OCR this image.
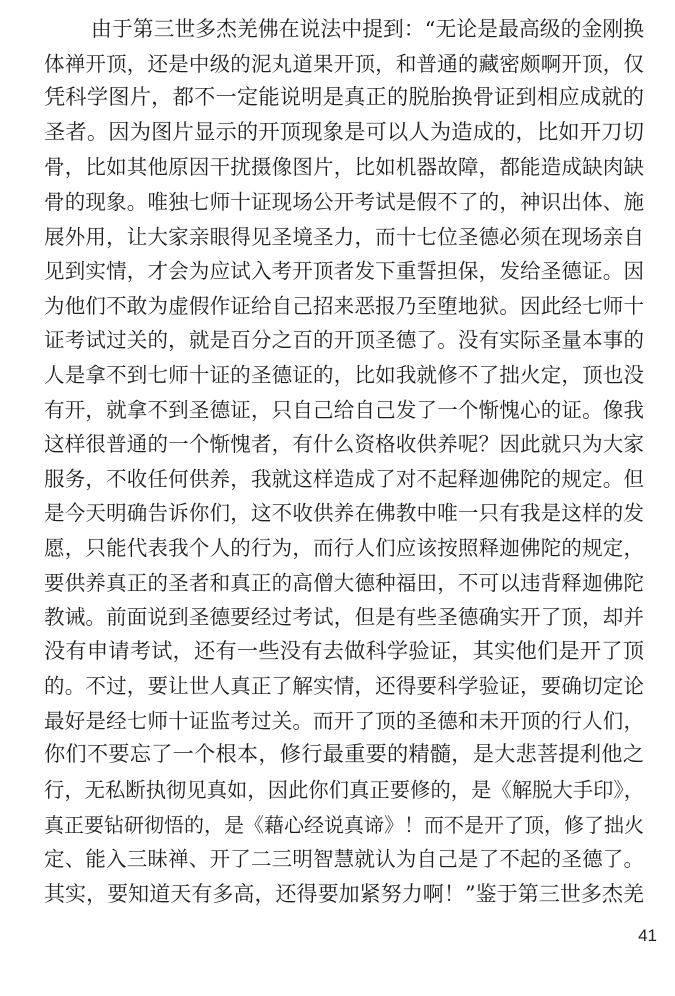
由于第三世多杰羌佛在说法中提到：“无论是最高级的金刚换
体禅开顶，还是中级的泥丸道果开顶，和普通的藏密颇啊开顶，仅
凭科学图片，都不一定能说明是真正的脱胎换骨证到相应成就的
圣者。因为图片显示的开顶现象是可以人为造成的，比如开刀切
骨，比如其他原因干扰摄像图片，比如机器故障，都能造成缺肉缺
骨的现象。唯独七师十证现场公开考试是假不了的，神识出体、施
展外用，让大家亲眼得见圣境圣力，而十七位圣德必须在现场亲自
见到实情，才会为应试入考开顶者发下重誓担保，发给圣德证。因
为他们不敢为虚假作证给自己招来恶报乃至堕地狱。因此经七师十
证考试过关的，就是百分之百的开顶圣德了。没有实际圣量本事的
人是拿不到七师十证的圣德证的，比如我就修不了拙火定，顶也没
有开，就拿不到圣德证，只自己给自己发了一个惭愧心的证。像我
这样很普通的一个惭愧者，有什么资格收供养呢？因此就只为大家
服务，不收任何供养，我就这样造成了对不起释迦佛陀的规定。但
是今天明确告诉你们，这不收供养在佛教中唯一只有我是这样的发
愿，只能代表我个人的行为，而行人们应该按照释迦佛陀的规定，
要供养真正的圣者和真正的高僧大德种福田，不可以违背释迦佛陀
教诫。前面说到圣德要经过考试，但是有些圣德确实开了顶，却并
没有申请考试，还有一些没有去做科学验证，其实他们是开了顶
的。不过，要让世人真正了解实情，还得要科学验证，要确切定论
最好是经七师十证监考过关。而开了顶的圣德和未开顶的行人们，
你们不要忘了一个根本，修行最重要的精髓，是大悲菩提利他之
行，无私断执彻见真如，因此你们真正要修的，是《解脱大手印》，
真正要钻研彻悟的，是《藉心经说真谛》！而不是开了顶，修了拙火
定、能入三昧禅、开了二三明智慧就认为自己是了不起的圣德了。
其实，要知道天有多高，还得要加紧努力啊！”鉴于第三世多杰羌
41
